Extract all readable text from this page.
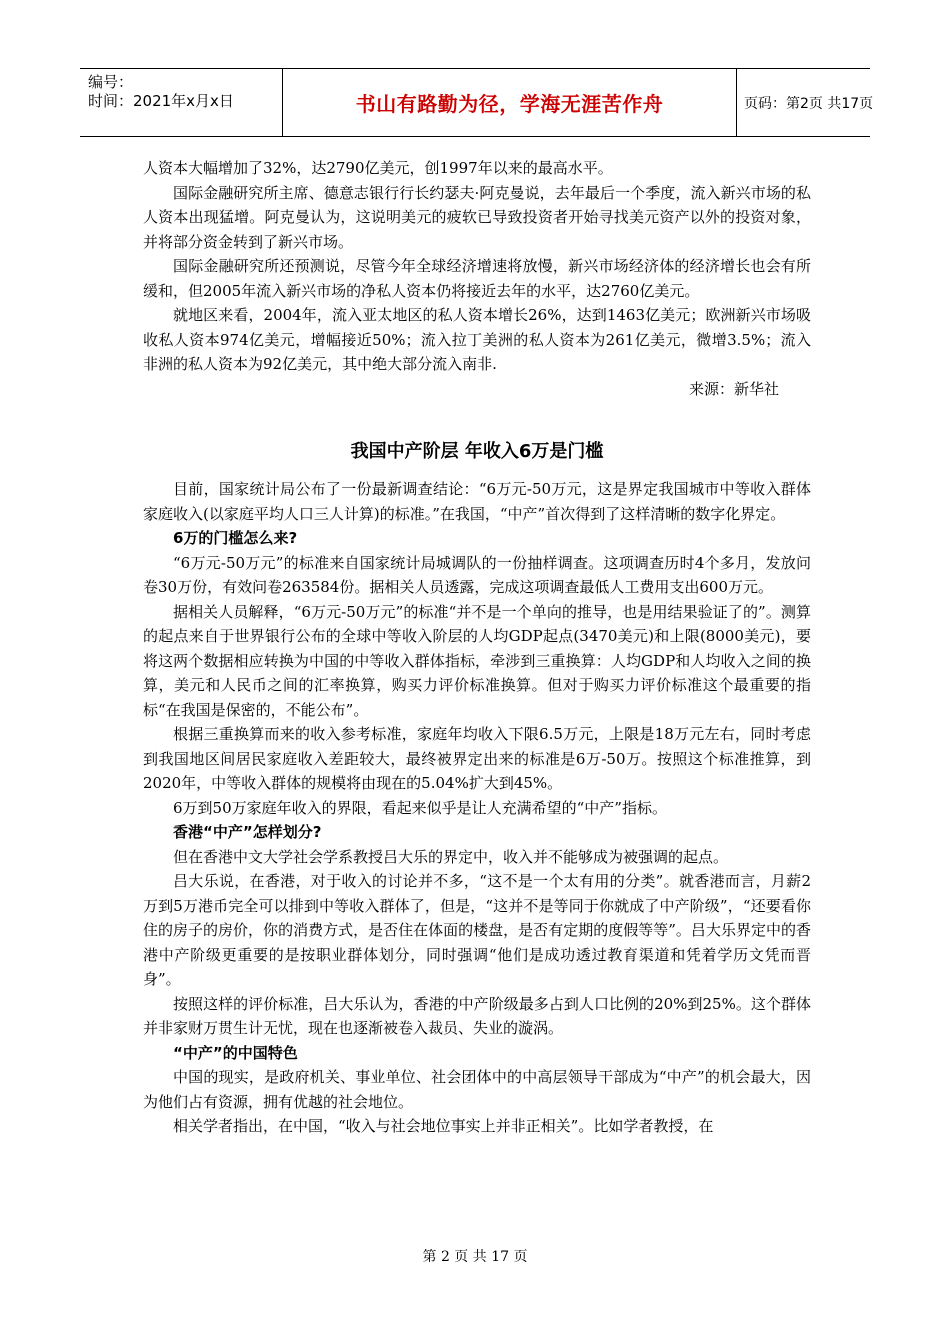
编号：
时间：2021年x月x日	书山有路勤为径，学海无涯苦作舟	页码：第2页 共17页

人资本大幅增加了32%，达2790亿美元，创1997年以来的最高水平。

国际金融研究所主席、德意志银行行长约瑟夫·阿克曼说，去年最后一个季度，流入新兴市场的私人资本出现猛增。阿克曼认为，这说明美元的疲软已导致投资者开始寻找美元资产以外的投资对象，并将部分资金转到了新兴市场。

国际金融研究所还预测说，尽管今年全球经济增速将放慢，新兴市场经济体的经济增长也会有所缓和，但2005年流入新兴市场的净私人资本仍将接近去年的水平，达2760亿美元。

就地区来看，2004年，流入亚太地区的私人资本增长26%，达到1463亿美元；欧洲新兴市场吸收私人资本974亿美元，增幅接近50%；流入拉丁美洲的私人资本为261亿美元，微增3.5%；流入非洲的私人资本为92亿美元，其中绝大部分流入南非.

来源：新华社

我国中产阶层 年收入6万是门槛

目前，国家统计局公布了一份最新调查结论：“6万元-50万元，这是界定我国城市中等收入群体家庭收入(以家庭平均人口三人计算)的标准。”在我国，“中产”首次得到了这样清晰的数字化界定。

6万的门槛怎么来?

“6万元-50万元”的标准来自国家统计局城调队的一份抽样调查。这项调查历时4个多月，发放问卷30万份，有效问卷263584份。据相关人员透露，完成这项调查最低人工费用支出600万元。

据相关人员解释，“6万元-50万元”的标准“并不是一个单向的推导，也是用结果验证了的”。测算的起点来自于世界银行公布的全球中等收入阶层的人均GDP起点(3470美元)和上限(8000美元)，要将这两个数据相应转换为中国的中等收入群体指标，牵涉到三重换算：人均GDP和人均收入之间的换算，美元和人民币之间的汇率换算，购买力评价标准换算。但对于购买力评价标准这个最重要的指标“在我国是保密的，不能公布”。

根据三重换算而来的收入参考标准，家庭年均收入下限6.5万元，上限是18万元左右，同时考虑到我国地区间居民家庭收入差距较大，最终被界定出来的标准是6万-50万。按照这个标准推算，到2020年，中等收入群体的规模将由现在的5.04%扩大到45%。

6万到50万家庭年收入的界限，看起来似乎是让人充满希望的“中产”指标。

香港“中产”怎样划分?

但在香港中文大学社会学系教授吕大乐的界定中，收入并不能够成为被强调的起点。

吕大乐说，在香港，对于收入的讨论并不多，“这不是一个太有用的分类”。就香港而言，月薪2万到5万港币完全可以排到中等收入群体了，但是，“这并不是等同于你就成了中产阶级”，“还要看你住的房子的房价，你的消费方式，是否住在体面的楼盘，是否有定期的度假等等”。吕大乐界定中的香港中产阶级更重要的是按职业群体划分，同时强调“他们是成功透过教育渠道和凭着学历文凭而晋身”。

按照这样的评价标准，吕大乐认为，香港的中产阶级最多占到人口比例的20%到25%。这个群体并非家财万贯生计无忧，现在也逐渐被卷入裁员、失业的漩涡。

“中产”的中国特色

中国的现实，是政府机关、事业单位、社会团体中的中高层领导干部成为“中产”的机会最大，因为他们占有资源，拥有优越的社会地位。

相关学者指出，在中国，“收入与社会地位事实上并非正相关”。比如学者教授，在

第 2 页 共 17 页
